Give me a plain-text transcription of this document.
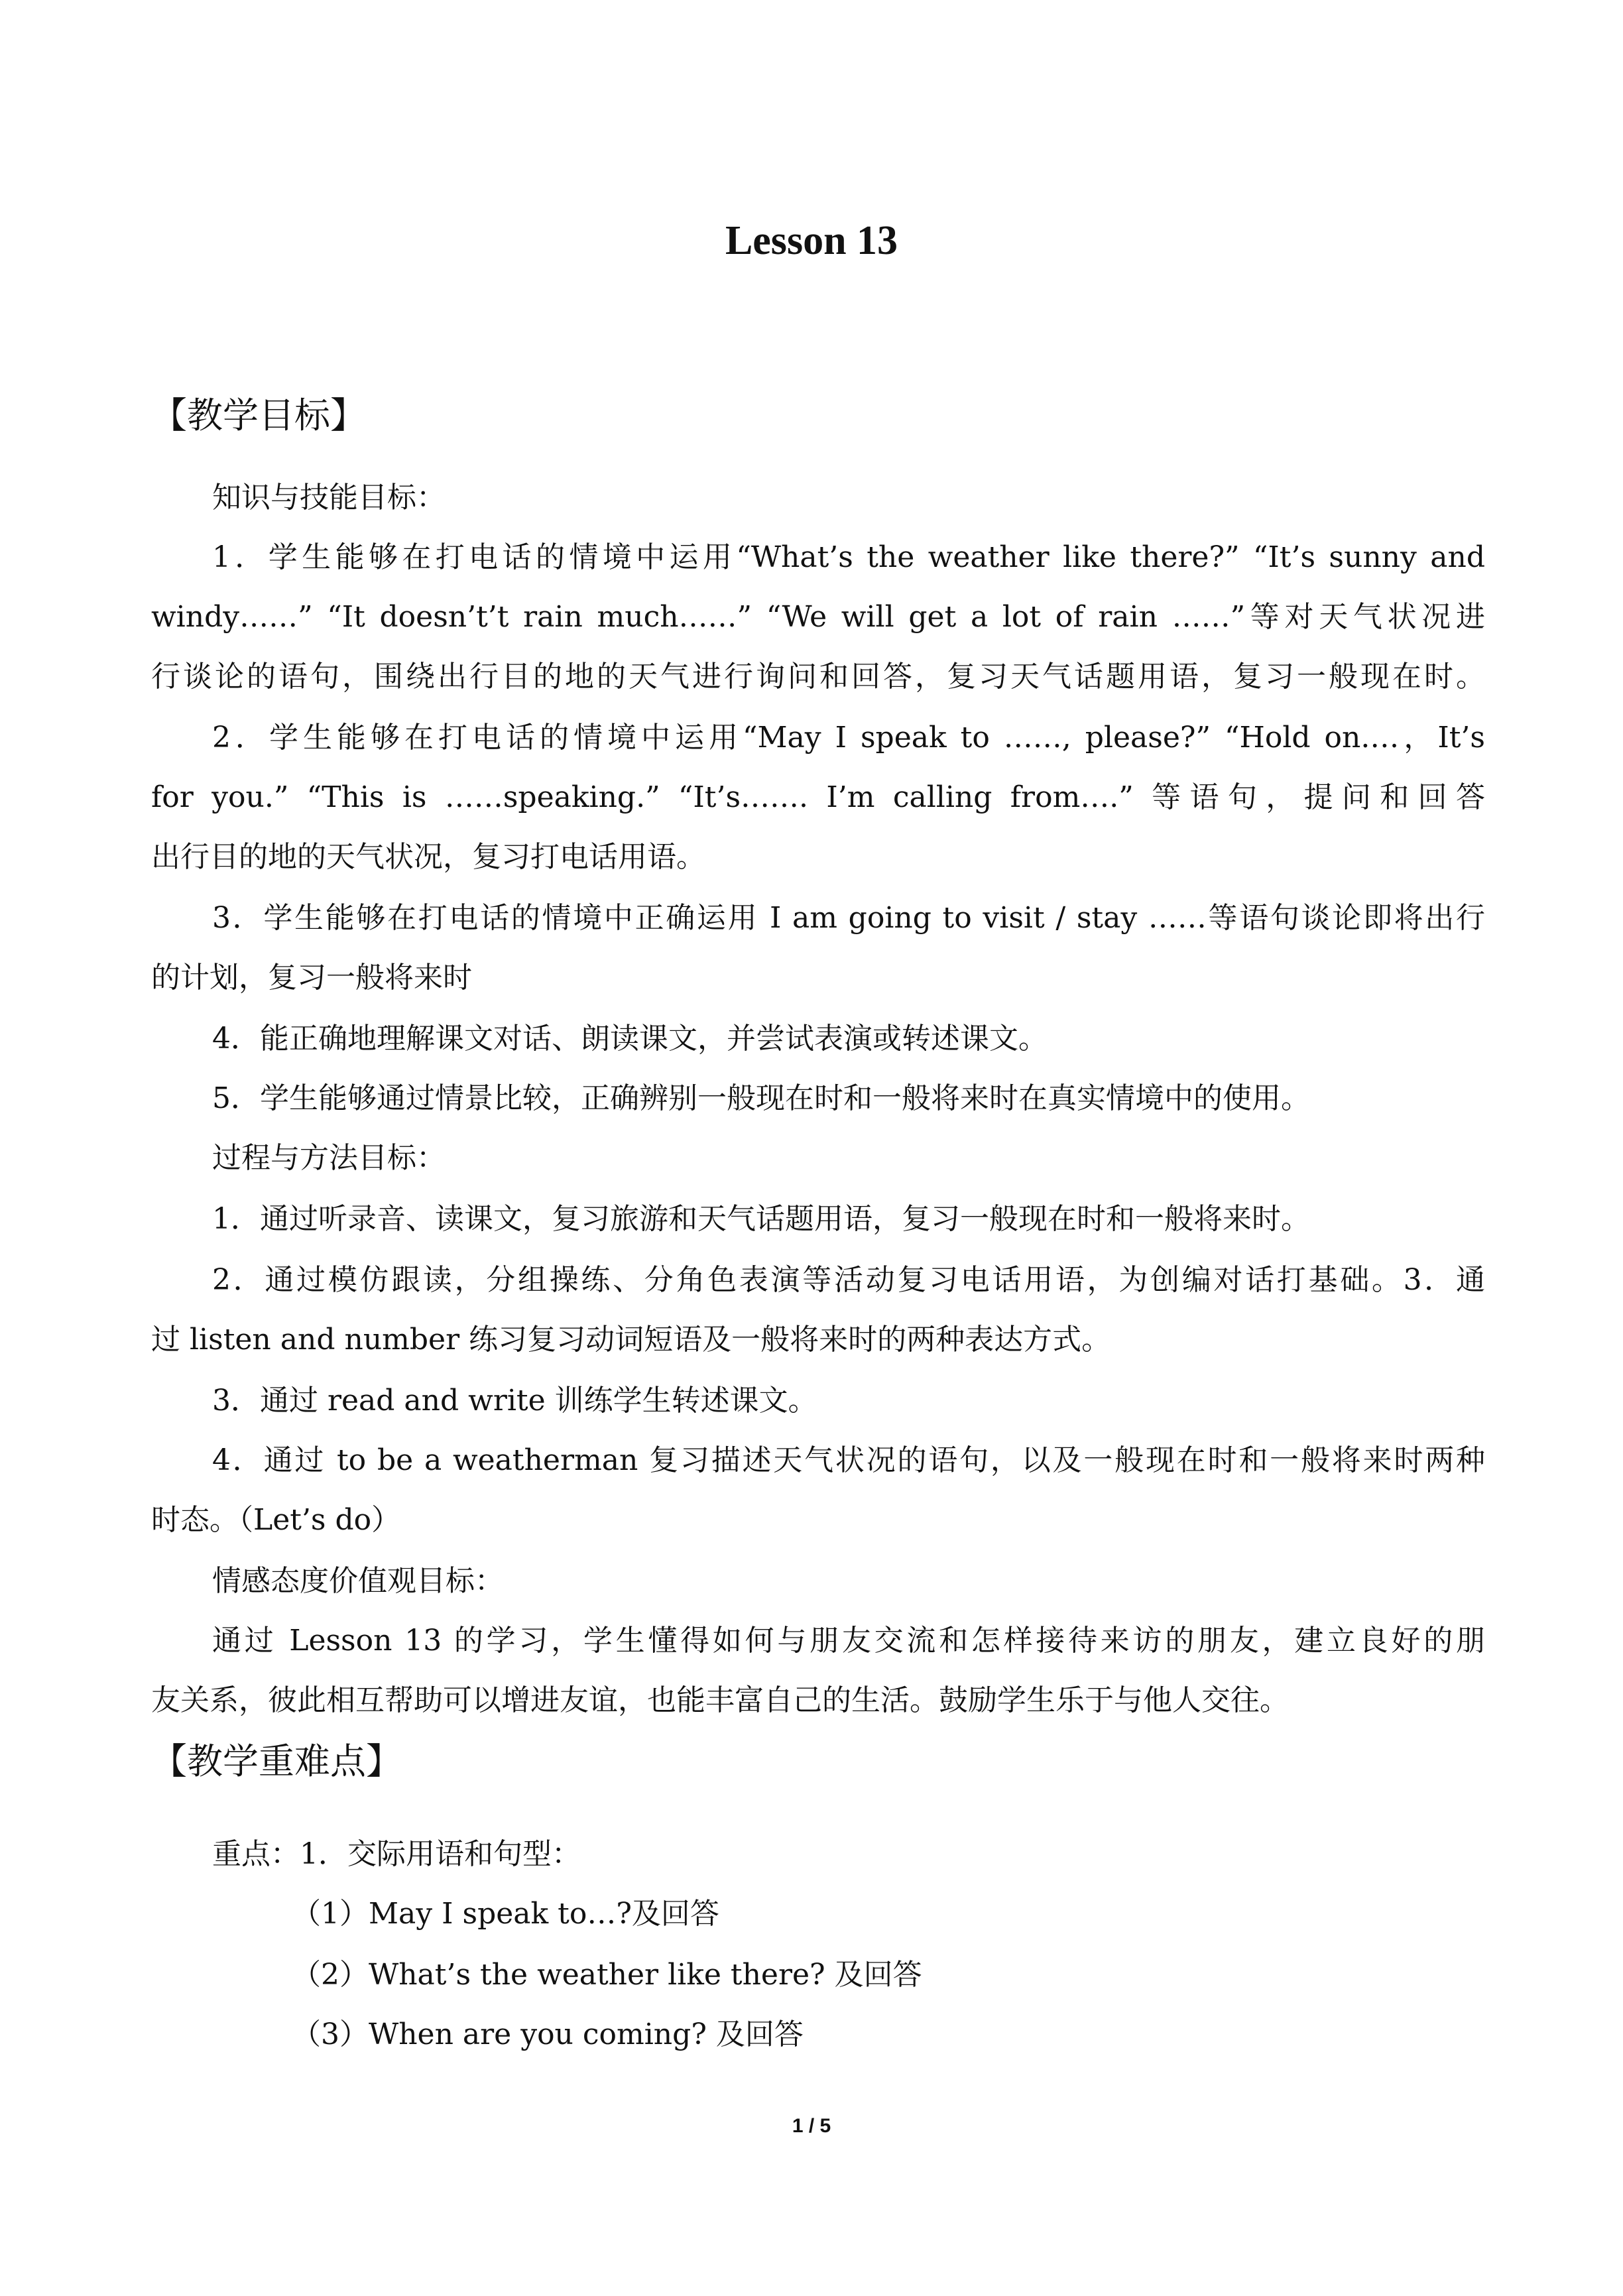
Lesson 13
【教学目标】
知识与技能目标：
1．学生能够在打电话的情境中运用“What’s the weather like there?” “It’s sunny and
windy……” “It doesn’t’t rain much……” “We will get a lot of rain ……”等对天气状况进
行谈论的语句，围绕出行目的地的天气进行询问和回答，复习天气话题用语，复习一般现在时。
2．学生能够在打电话的情境中运用“May I speak to ……, please?” “Hold on.…，It’s
for you.” “This is ……speaking.” “It’s……. I’m calling from….” 等语句，提问和回答
出行目的地的天气状况，复习打电话用语。
3．学生能够在打电话的情境中正确运用 I am going to visit / stay ……等语句谈论即将出行
的计划，复习一般将来时
4．能正确地理解课文对话、朗读课文，并尝试表演或转述课文。
5．学生能够通过情景比较，正确辨别一般现在时和一般将来时在真实情境中的使用。
过程与方法目标：
1．通过听录音、读课文，复习旅游和天气话题用语，复习一般现在时和一般将来时。
2．通过模仿跟读，分组操练、分角色表演等活动复习电话用语，为创编对话打基础。3．通
过 listen and number 练习复习动词短语及一般将来时的两种表达方式。
3．通过 read and write 训练学生转述课文。
4．通过 to be a weatherman 复习描述天气状况的语句，以及一般现在时和一般将来时两种
时态。（Let’s do）
情感态度价值观目标：
通过 Lesson 13 的学习，学生懂得如何与朋友交流和怎样接待来访的朋友，建立良好的朋
友关系，彼此相互帮助可以增进友谊，也能丰富自己的生活。鼓励学生乐于与他人交往。
【教学重难点】
重点：1．交际用语和句型：
（1）May I speak to…?及回答
（2）What’s the weather like there? 及回答
（3）When are you coming? 及回答
1 / 5
